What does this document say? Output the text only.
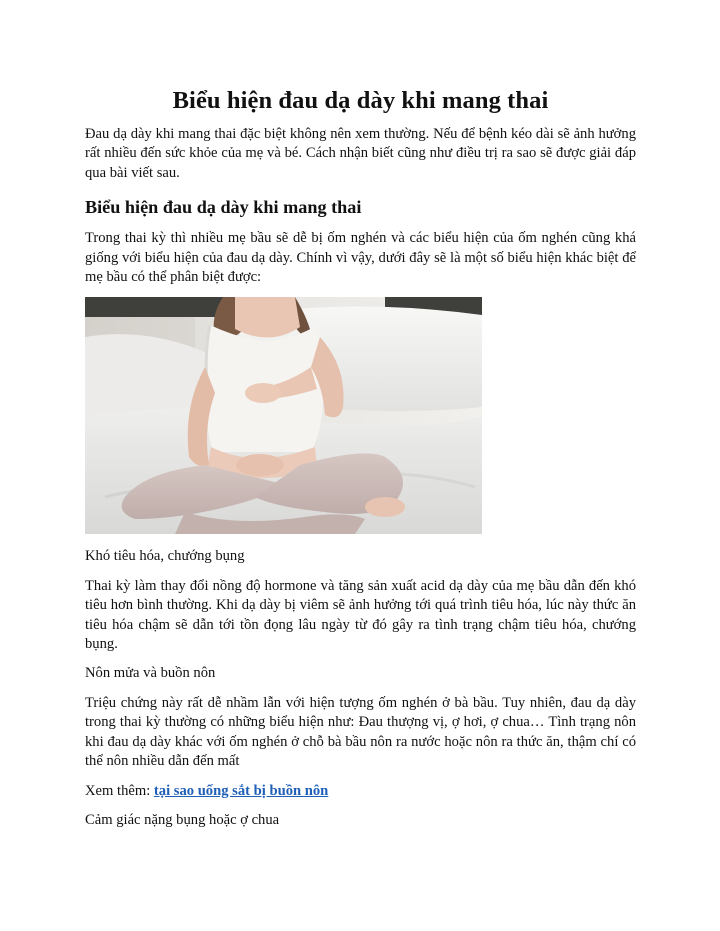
Biểu hiện đau dạ dày khi mang thai

Đau dạ dày khi mang thai đặc biệt không nên xem thường. Nếu để bệnh kéo dài sẽ ảnh hưởng rất nhiều đến sức khỏe của mẹ và bé. Cách nhận biết cũng như điều trị ra sao sẽ được giải đáp qua bài viết sau.

Biểu hiện đau dạ dày khi mang thai

Trong thai kỳ thì nhiều mẹ bầu sẽ dễ bị ốm nghén và các biểu hiện của ốm nghén cũng khá giống với biểu hiện của đau dạ dày. Chính vì vậy, dưới đây sẽ là một số biểu hiện khác biệt để mẹ bầu có thể phân biệt được:

Khó tiêu hóa, chướng bụng

Thai kỳ làm thay đổi nồng độ hormone và tăng sản xuất acid dạ dày của mẹ bầu dẫn đến khó tiêu hơn bình thường. Khi dạ dày bị viêm sẽ ảnh hưởng tới quá trình tiêu hóa, lúc này thức ăn tiêu hóa chậm sẽ dẫn tới tồn đọng lâu ngày từ đó gây ra tình trạng chậm tiêu hóa, chướng bụng.

Nôn mửa và buồn nôn

Triệu chứng này rất dễ nhầm lẫn với hiện tượng ốm nghén ở bà bầu. Tuy nhiên, đau dạ dày trong thai kỳ thường có những biểu hiện như: Đau thượng vị, ợ hơi, ợ chua… Tình trạng nôn khi đau dạ dày khác với ốm nghén ở chỗ bà bầu nôn ra nước hoặc nôn ra thức ăn, thậm chí có thể nôn nhiều dẫn đến mất

Xem thêm: tại sao uống sắt bị buồn nôn

Cảm giác nặng bụng hoặc ợ chua
